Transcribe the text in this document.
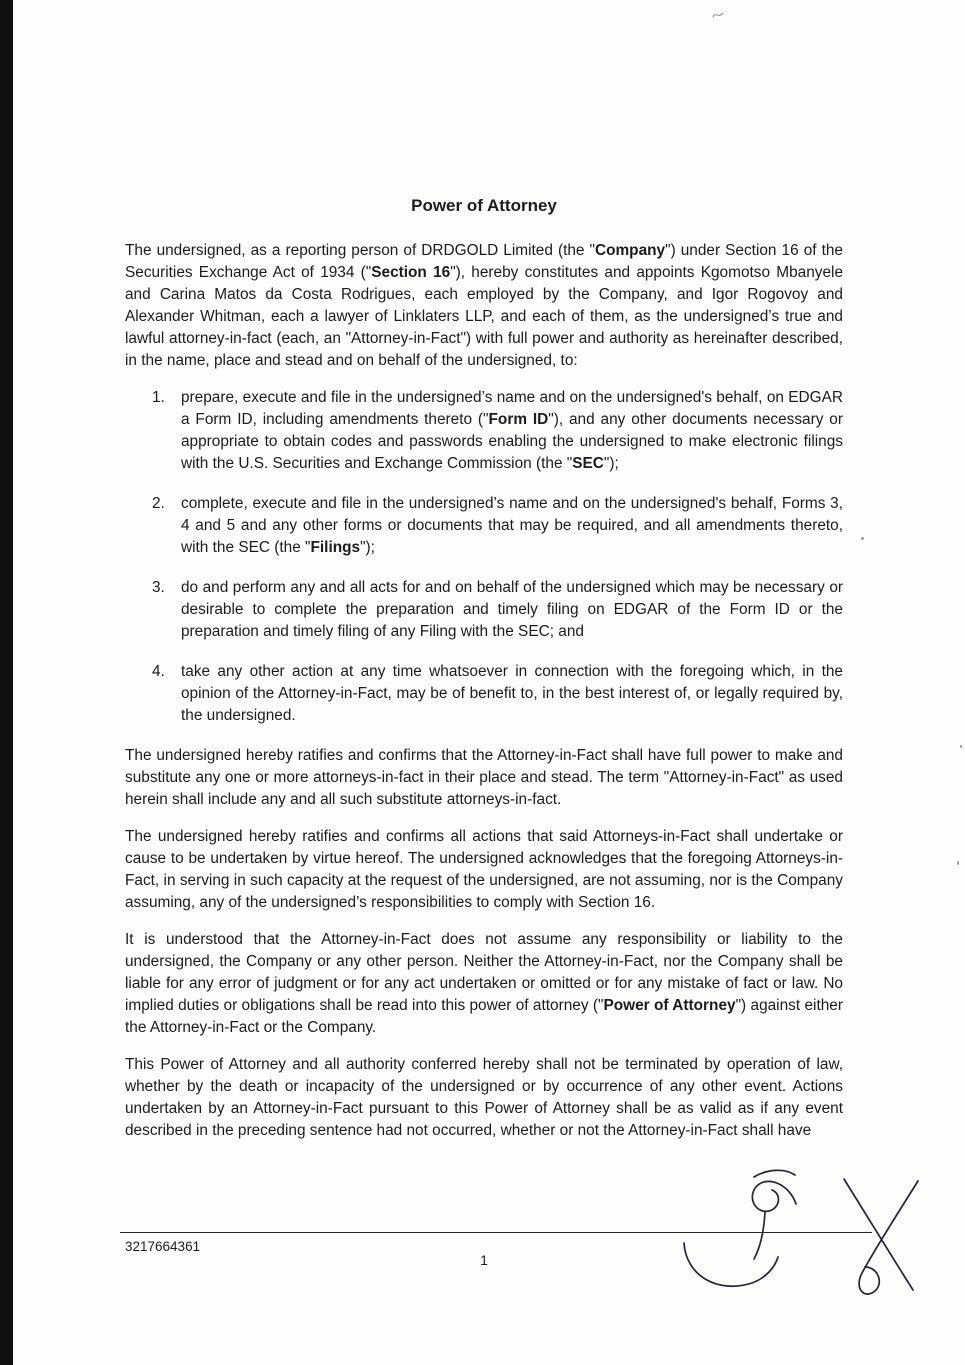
Power of Attorney

The undersigned, as a reporting person of DRDGOLD Limited (the "Company") under Section 16 of the Securities Exchange Act of 1934 ("Section 16"), hereby constitutes and appoints Kgomotso Mbanyele and Carina Matos da Costa Rodrigues, each employed by the Company, and Igor Rogovoy and Alexander Whitman, each a lawyer of Linklaters LLP, and each of them, as the undersigned’s true and lawful attorney-in-fact (each, an "Attorney-in-Fact") with full power and authority as hereinafter described, in the name, place and stead and on behalf of the undersigned, to:

1.	prepare, execute and file in the undersigned’s name and on the undersigned's behalf, on EDGAR a Form ID, including amendments thereto ("Form ID"), and any other documents necessary or appropriate to obtain codes and passwords enabling the undersigned to make electronic filings with the U.S. Securities and Exchange Commission (the "SEC");
2.	complete, execute and file in the undersigned’s name and on the undersigned's behalf, Forms 3, 4 and 5 and any other forms or documents that may be required, and all amendments thereto, with the SEC (the "Filings");
3.	do and perform any and all acts for and on behalf of the undersigned which may be necessary or desirable to complete the preparation and timely filing on EDGAR of the Form ID or the preparation and timely filing of any Filing with the SEC; and
4.	take any other action at any time whatsoever in connection with the foregoing which, in the opinion of the Attorney-in-Fact, may be of benefit to, in the best interest of, or legally required by, the undersigned.

The undersigned hereby ratifies and confirms that the Attorney-in-Fact shall have full power to make and substitute any one or more attorneys-in-fact in their place and stead. The term "Attorney-in-Fact" as used herein shall include any and all such substitute attorneys-in-fact.

The undersigned hereby ratifies and confirms all actions that said Attorneys-in-Fact shall undertake or cause to be undertaken by virtue hereof. The undersigned acknowledges that the foregoing Attorneys-in-Fact, in serving in such capacity at the request of the undersigned, are not assuming, nor is the Company assuming, any of the undersigned’s responsibilities to comply with Section 16.

It is understood that the Attorney-in-Fact does not assume any responsibility or liability to the undersigned, the Company or any other person. Neither the Attorney-in-Fact, nor the Company shall be liable for any error of judgment or for any act undertaken or omitted or for any mistake of fact or law. No implied duties or obligations shall be read into this power of attorney ("Power of Attorney") against either the Attorney-in-Fact or the Company.

This Power of Attorney and all authority conferred hereby shall not be terminated by operation of law, whether by the death or incapacity of the undersigned or by occurrence of any other event. Actions undertaken by an Attorney-in-Fact pursuant to this Power of Attorney shall be as valid as if any event described in the preceding sentence had not occurred, whether or not the Attorney-in-Fact shall have

3217664361
1
